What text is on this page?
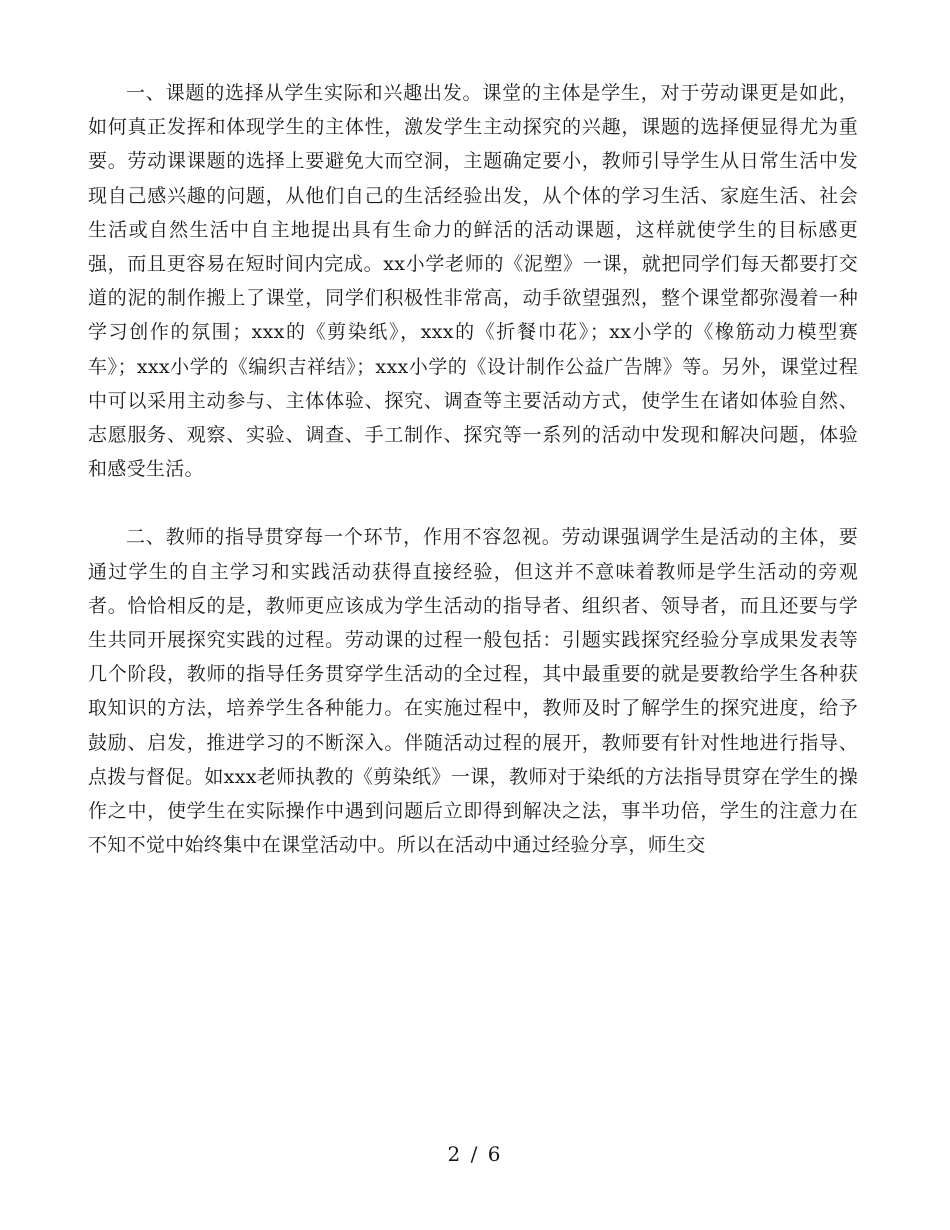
一、课题的选择从学生实际和兴趣出发。课堂的主体是学生，对于劳动课更是如此，如何真正发挥和体现学生的主体性，激发学生主动探究的兴趣，课题的选择便显得尤为重要。劳动课课题的选择上要避免大而空洞，主题确定要小，教师引导学生从日常生活中发现自己感兴趣的问题，从他们自己的生活经验出发，从个体的学习生活、家庭生活、社会生活或自然生活中自主地提出具有生命力的鲜活的活动课题，这样就使学生的目标感更强，而且更容易在短时间内完成。xx小学老师的《泥塑》一课，就把同学们每天都要打交道的泥的制作搬上了课堂，同学们积极性非常高，动手欲望强烈，整个课堂都弥漫着一种学习创作的氛围；xxx的《剪染纸》，xxx的《折餐巾花》；xx小学的《橡筋动力模型赛车》；xxx小学的《编织吉祥结》；xxx小学的《设计制作公益广告牌》等。另外，课堂过程中可以采用主动参与、主体体验、探究、调查等主要活动方式，使学生在诸如体验自然、志愿服务、观察、实验、调查、手工制作、探究等一系列的活动中发现和解决问题，体验和感受生活。

二、教师的指导贯穿每一个环节，作用不容忽视。劳动课强调学生是活动的主体，要通过学生的自主学习和实践活动获得直接经验，但这并不意味着教师是学生活动的旁观者。恰恰相反的是，教师更应该成为学生活动的指导者、组织者、领导者，而且还要与学生共同开展探究实践的过程。劳动课的过程一般包括：引题实践探究经验分享成果发表等几个阶段，教师的指导任务贯穿学生活动的全过程，其中最重要的就是要教给学生各种获取知识的方法，培养学生各种能力。在实施过程中，教师及时了解学生的探究进度，给予鼓励、启发，推进学习的不断深入。伴随活动过程的展开，教师要有针对性地进行指导、点拨与督促。如xxx老师执教的《剪染纸》一课，教师对于染纸的方法指导贯穿在学生的操作之中，使学生在实际操作中遇到问题后立即得到解决之法，事半功倍，学生的注意力在不知不觉中始终集中在课堂活动中。所以在活动中通过经验分享，师生交

2 / 6
